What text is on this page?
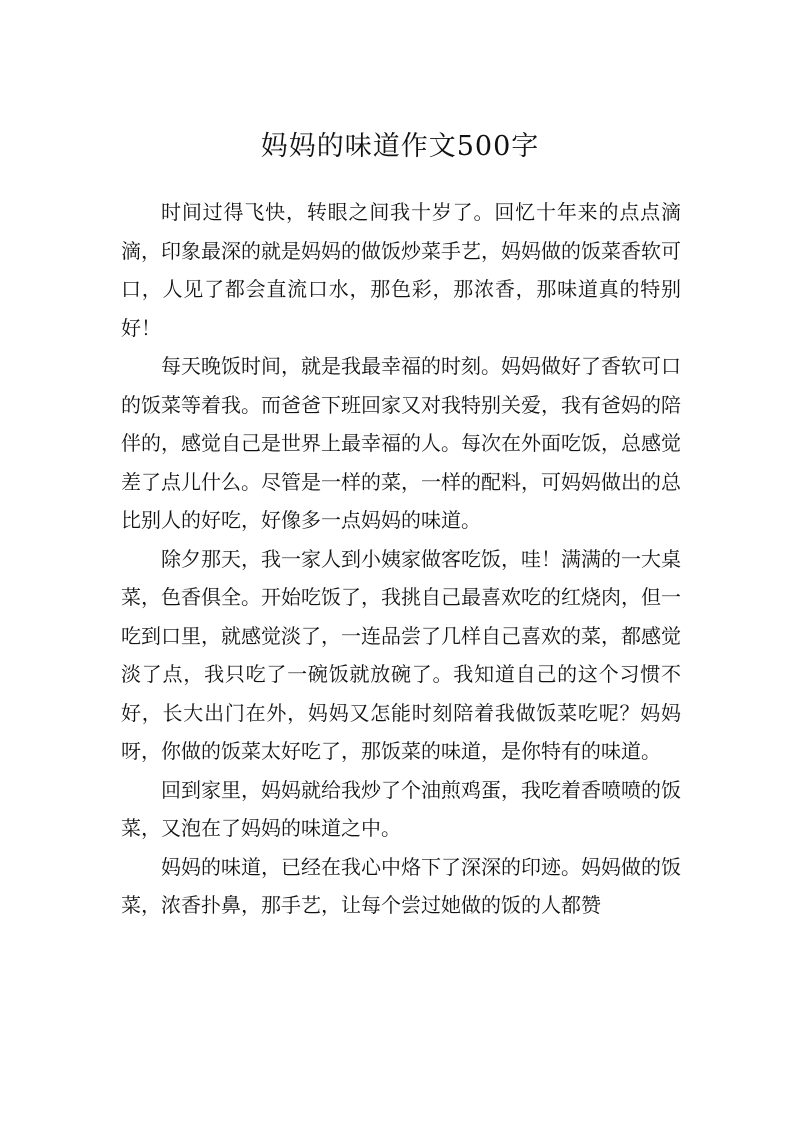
妈妈的味道作文500字

时间过得飞快，转眼之间我十岁了。回忆十年来的点点滴滴，印象最深的就是妈妈的做饭炒菜手艺，妈妈做的饭菜香软可口，人见了都会直流口水，那色彩，那浓香，那味道真的特别好！

每天晚饭时间，就是我最幸福的时刻。妈妈做好了香软可口的饭菜等着我。而爸爸下班回家又对我特别关爱，我有爸妈的陪伴的，感觉自己是世界上最幸福的人。每次在外面吃饭，总感觉差了点儿什么。尽管是一样的菜，一样的配料，可妈妈做出的总比别人的好吃，好像多一点妈妈的味道。

除夕那天，我一家人到小姨家做客吃饭，哇！满满的一大桌菜，色香俱全。开始吃饭了，我挑自己最喜欢吃的红烧肉，但一吃到口里，就感觉淡了，一连品尝了几样自己喜欢的菜，都感觉淡了点，我只吃了一碗饭就放碗了。我知道自己的这个习惯不好，长大出门在外，妈妈又怎能时刻陪着我做饭菜吃呢？妈妈呀，你做的饭菜太好吃了，那饭菜的味道，是你特有的味道。

回到家里，妈妈就给我炒了个油煎鸡蛋，我吃着香喷喷的饭菜，又泡在了妈妈的味道之中。

妈妈的味道，已经在我心中烙下了深深的印迹。妈妈做的饭菜，浓香扑鼻，那手艺，让每个尝过她做的饭的人都赞
